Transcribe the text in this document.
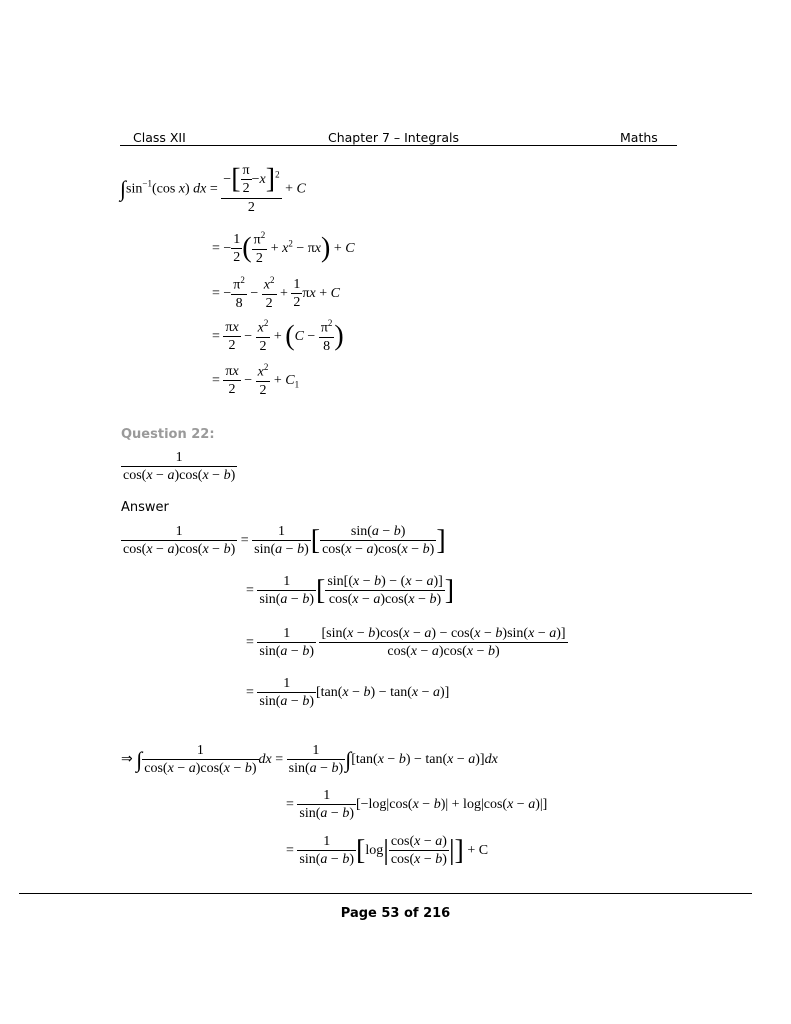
Class XII	Chapter 7 – Integrals	Maths
$\int\sin^{-1}(\cos$ x) dx = $\frac{-[ \frac{\pi}{2} -x]^2}{2} + C$
= − $\frac{1}{2}$ ( $\frac{\pi^2}{2} + x^2 - \pi x) + C$
= − $\frac{\pi^2}{8} - \frac{x^2}{2} + \frac{1}{2}$ πx + C
= $\frac{\pi x}{2} - \frac{x^2}{2} + (C - \frac{\pi^2}{8}$ )
= $\frac{\pi x}{2} - \frac{x^2}{2} + C_1$
Question 22:
$\frac{1}{\cos(x - a)\cos(x - b)}$
Answer
$\frac{1}{\cos(x - a)\cos(x - b)} = \frac{1}{\sin(a - b)}$ [ $\frac{\sin(a - b)}{\cos(x - a)\cos(x - b)}$ ]
= $\frac{1}{\sin(a - b)}$ [ $\frac{\sin[(x - b) - (x - a)]}{\cos(x - a)\cos(x - b)}$ ]
= $\frac{1}{\sin(a - b)}$
$\frac{[\sin(x - b)\cos(x - a) - \cos(x - b)\sin(x - a)]}{\cos(x - a)\cos(x - b)}$
= $\frac{1}{\sin(a - b)} [\tan(x - b) - \tan(x - a)]$
⇒ ∫ $\frac{1}{\cos(x - a)\cos(x - b)}$ dx = $\frac{1}{\sin(a - b)} \int[\tan(x - b) - \tan(x - a)]dx$
= $\frac{1}{\sin(a - b)} [-\log|\cos(x - b)| + \log|\cos(x - a)|]$
= $\frac{1}{\sin(a - b)} [\log| \frac{\cos(x - a)}{\cos(x - b)}$ |] + C
Page 53 of 216
